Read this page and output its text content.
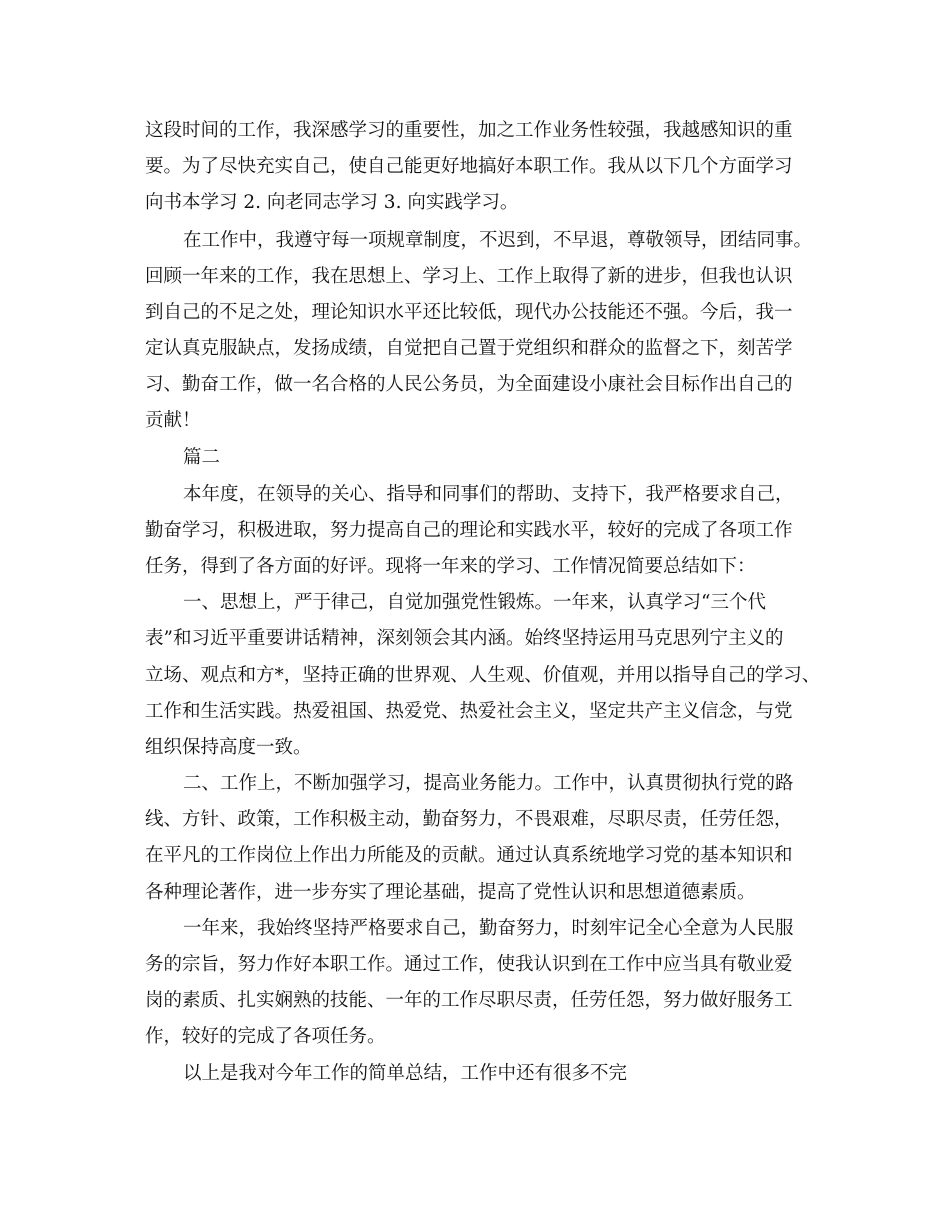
这段时间的工作，我深感学习的重要性，加之工作业务性较强，我越感知识的重
要。为了尽快充实自己，使自己能更好地搞好本职工作。我从以下几个方面学习
向书本学习 2. 向老同志学习 3. 向实践学习。
在工作中，我遵守每一项规章制度，不迟到，不早退，尊敬领导，团结同事。
回顾一年来的工作，我在思想上、学习上、工作上取得了新的进步，但我也认识
到自己的不足之处，理论知识水平还比较低，现代办公技能还不强。今后，我一
定认真克服缺点，发扬成绩，自觉把自己置于党组织和群众的监督之下，刻苦学
习、勤奋工作，做一名合格的人民公务员，为全面建设小康社会目标作出自己的
贡献！
篇二
本年度，在领导的关心、指导和同事们的帮助、支持下，我严格要求自己，
勤奋学习，积极进取，努力提高自己的理论和实践水平，较好的完成了各项工作
任务，得到了各方面的好评。现将一年来的学习、工作情况简要总结如下：
一、思想上，严于律己，自觉加强党性锻炼。一年来，认真学习“三个代
表”和习近平重要讲话精神，深刻领会其内涵。始终坚持运用马克思列宁主义的
立场、观点和方*，坚持正确的世界观、人生观、价值观，并用以指导自己的学习、
工作和生活实践。热爱祖国、热爱党、热爱社会主义，坚定共产主义信念，与党
组织保持高度一致。
二、工作上，不断加强学习，提高业务能力。工作中，认真贯彻执行党的路
线、方针、政策，工作积极主动，勤奋努力，不畏艰难，尽职尽责，任劳任怨，
在平凡的工作岗位上作出力所能及的贡献。通过认真系统地学习党的基本知识和
各种理论著作，进一步夯实了理论基础，提高了党性认识和思想道德素质。
一年来，我始终坚持严格要求自己，勤奋努力，时刻牢记全心全意为人民服
务的宗旨，努力作好本职工作。通过工作，使我认识到在工作中应当具有敬业爱
岗的素质、扎实娴熟的技能、一年的工作尽职尽责，任劳任怨，努力做好服务工
作，较好的完成了各项任务。
以上是我对今年工作的简单总结，工作中还有很多不完
